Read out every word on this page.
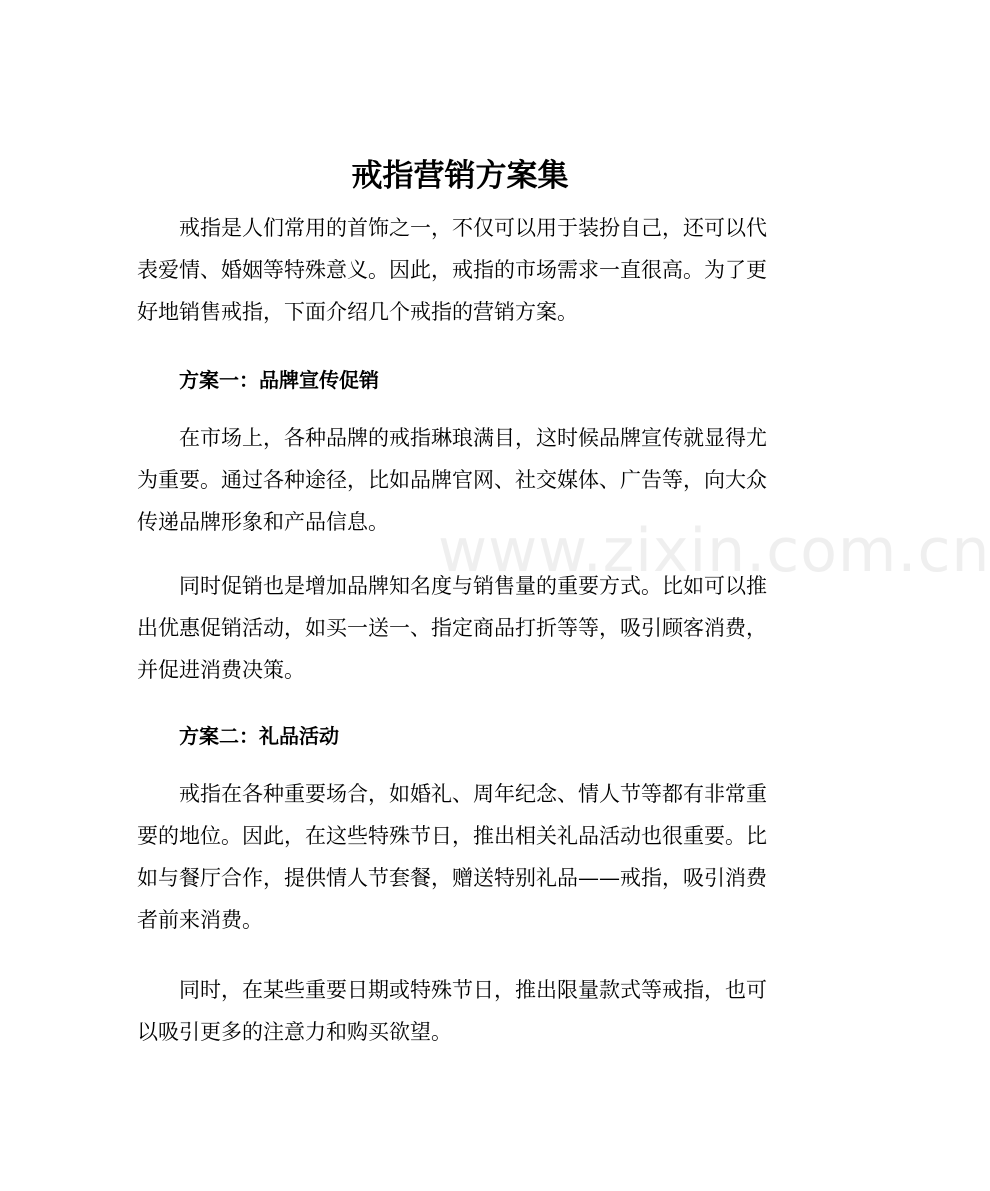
www.zixin.com.cn
戒指营销方案集

戒指是人们常用的首饰之一，不仅可以用于装扮自己，还可以代表爱情、婚姻等特殊意义。因此，戒指的市场需求一直很高。为了更好地销售戒指，下面介绍几个戒指的营销方案。

方案一：品牌宣传促销

在市场上，各种品牌的戒指琳琅满目，这时候品牌宣传就显得尤为重要。通过各种途径，比如品牌官网、社交媒体、广告等，向大众传递品牌形象和产品信息。

同时促销也是增加品牌知名度与销售量的重要方式。比如可以推出优惠促销活动，如买一送一、指定商品打折等等，吸引顾客消费，并促进消费决策。

方案二：礼品活动

戒指在各种重要场合，如婚礼、周年纪念、情人节等都有非常重要的地位。因此，在这些特殊节日，推出相关礼品活动也很重要。比如与餐厅合作，提供情人节套餐，赠送特别礼品——戒指，吸引消费者前来消费。

同时，在某些重要日期或特殊节日，推出限量款式等戒指，也可以吸引更多的注意力和购买欲望。
